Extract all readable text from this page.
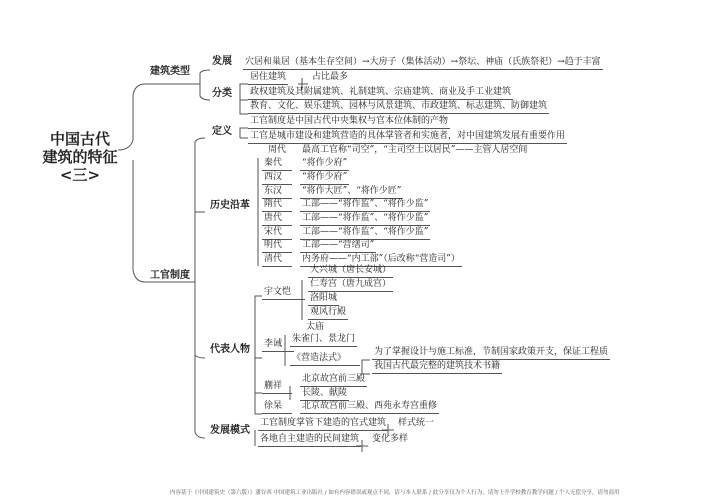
中国古代
建筑的特征
<三>
建筑类型
发展 穴居和巢居（基本生存空间）→大房子（集体活动）→祭坛、神庙（氏族祭祀）→趋于丰富
分类
居住建筑	占比最多
政权建筑及其附属建筑、礼制建筑、宗庙建筑、商业及手工业建筑
教育、文化、娱乐建筑、园林与风景建筑、市政建筑、标志建筑、防御建筑
工官制度
定义
工官制度是中国古代中央集权与官本位体制的产物
工官是城市建设和建筑营造的具体掌管者和实施者，对中国建筑发展有重要作用
历史沿革
周代 最高工官称“司空”，“主司空土以居民”——主管人居空间
秦代	“将作少府”
西汉	“将作少府”
东汉	“将作大匠”、“将作少匠”
隋代	工部——“将作监”、“将作少监”
唐代	工部——“将作监”、“将作少监”
宋代	工部——“将作监”、“将作少监”
明代	工部——“营缮司”
清代	内务府——“内工部”（后改称“营造司”）
代表人物
宇文恺
大兴城（唐长安城）
仁寿宫（唐九成宫）
洛阳城
观风行殿
李诫
太庙
朱雀门、景龙门
《营造法式》
为了掌握设计与施工标准，节制国家政策开支，保证工程质
我国古代最完整的建筑技术书籍
蒯祥
北京故宫前三殿
长陵、献陵
徐杲	北京故宫前三殿、西苑永寿宫重修
发展模式
工官制度掌管下建造的官式建筑 样式统一
各地自主建造的民间建筑 变化多样
内容基于《中国建筑史（第六版）》潘谷西 中国建筑工业出版社 / 如有内容错误或观点不同，请与本人联系 / 此分享仅为个人行为，请勿上升学校教育教学问题 / 个人无偿分享，请勿商用
